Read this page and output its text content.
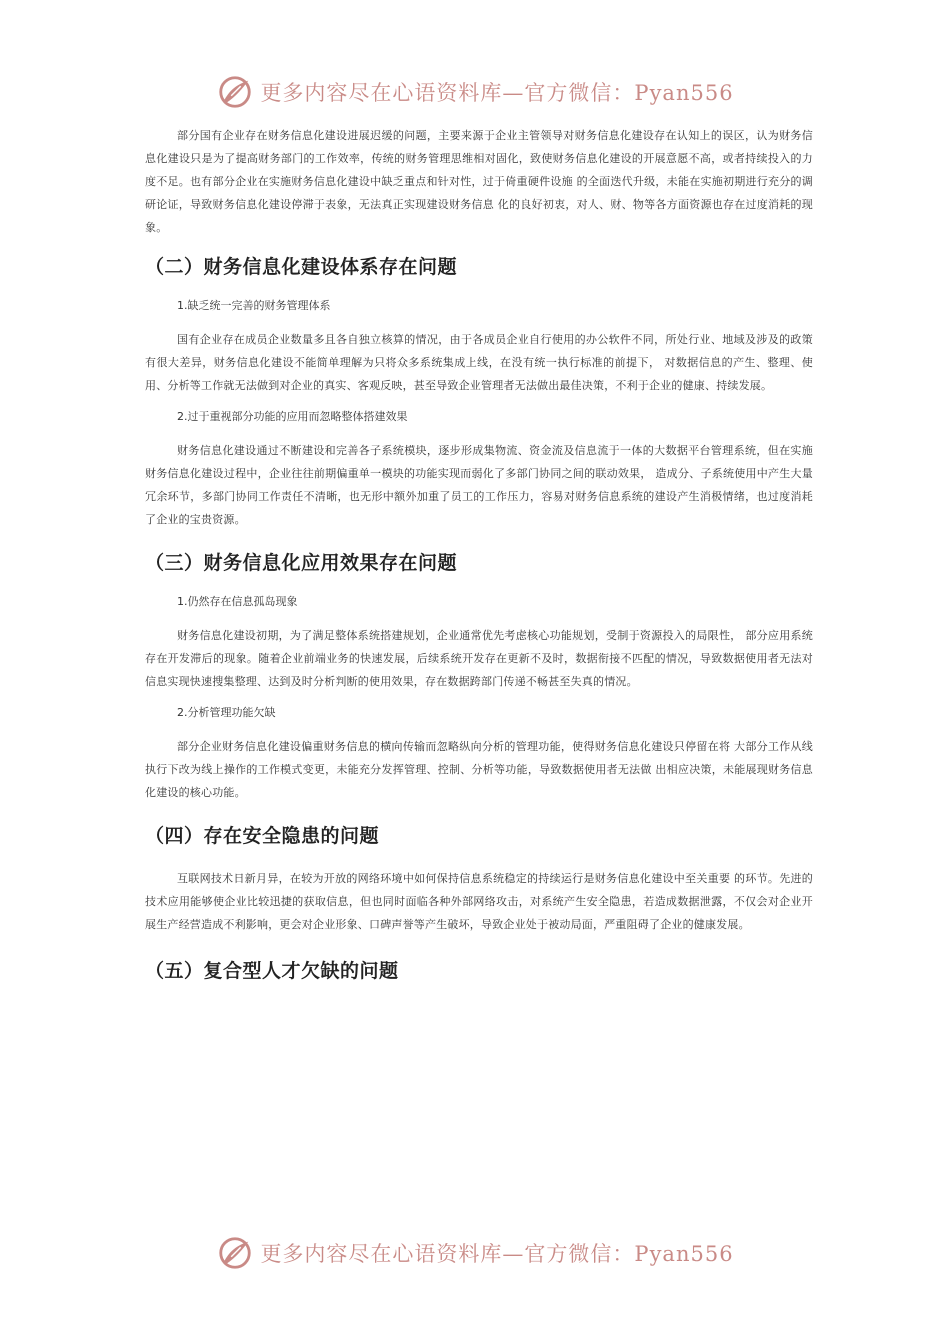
更多内容尽在心语资料库—官方微信：Pyan556

部分国有企业存在财务信息化建设进展迟缓的问题，主要来源于企业主管领导对财务信息化建设存在认知上的误区，认为财务信息化建设只是为了提高财务部门的工作效率，传统的财务管理思维相对固化，致使财务信息化建设的开展意愿不高，或者持续投入的力度不足。也有部分企业在实施财务信息化建设中缺乏重点和针对性，过于倚重硬件设施 的全面迭代升级，未能在实施初期进行充分的调研论证，导致财务信息化建设停滞于表象，无法真正实现建设财务信息 化的良好初衷，对人、财、物等各方面资源也存在过度消耗的现象。

（二）财务信息化建设体系存在问题
1.缺乏统一完善的财务管理体系

国有企业存在成员企业数量多且各自独立核算的情况，由于各成员企业自行使用的办公软件不同，所处行业、地域及涉及的政策有很大差异，财务信息化建设不能简单理解为只将众多系统集成上线，在没有统一执行标准的前提下， 对数据信息的产生、整理、使用、分析等工作就无法做到对企业的真实、客观反映，甚至导致企业管理者无法做出最佳决策，不利于企业的健康、持续发展。

2.过于重视部分功能的应用而忽略整体搭建效果

财务信息化建设通过不断建设和完善各子系统模块，逐步形成集物流、资金流及信息流于一体的大数据平台管理系统，但在实施财务信息化建设过程中，企业往往前期偏重单一模块的功能实现而弱化了多部门协同之间的联动效果， 造成分、子系统使用中产生大量冗余环节，多部门协同工作责任不清晰，也无形中额外加重了员工的工作压力，容易对财务信息系统的建设产生消极情绪，也过度消耗了企业的宝贵资源。

（三）财务信息化应用效果存在问题
1.仍然存在信息孤岛现象

财务信息化建设初期，为了满足整体系统搭建规划，企业通常优先考虑核心功能规划，受制于资源投入的局限性， 部分应用系统存在开发滞后的现象。随着企业前端业务的快速发展，后续系统开发存在更新不及时，数据衔接不匹配的情况，导致数据使用者无法对信息实现快速搜集整理、达到及时分析判断的使用效果，存在数据跨部门传递不畅甚至失真的情况。

2.分析管理功能欠缺

部分企业财务信息化建设偏重财务信息的横向传输而忽略纵向分析的管理功能，使得财务信息化建设只停留在将 大部分工作从线执行下改为线上操作的工作模式变更，未能充分发挥管理、控制、分析等功能，导致数据使用者无法做 出相应决策，未能展现财务信息化建设的核心功能。

（四）存在安全隐患的问题

互联网技术日新月异，在较为开放的网络环境中如何保持信息系统稳定的持续运行是财务信息化建设中至关重要 的环节。先进的技术应用能够使企业比较迅捷的获取信息，但也同时面临各种外部网络攻击，对系统产生安全隐患，若造成数据泄露，不仅会对企业开展生产经营造成不利影响，更会对企业形象、口碑声誉等产生破坏，导致企业处于被动局面，严重阻碍了企业的健康发展。

（五）复合型人才欠缺的问题
更多内容尽在心语资料库—官方微信：Pyan556
